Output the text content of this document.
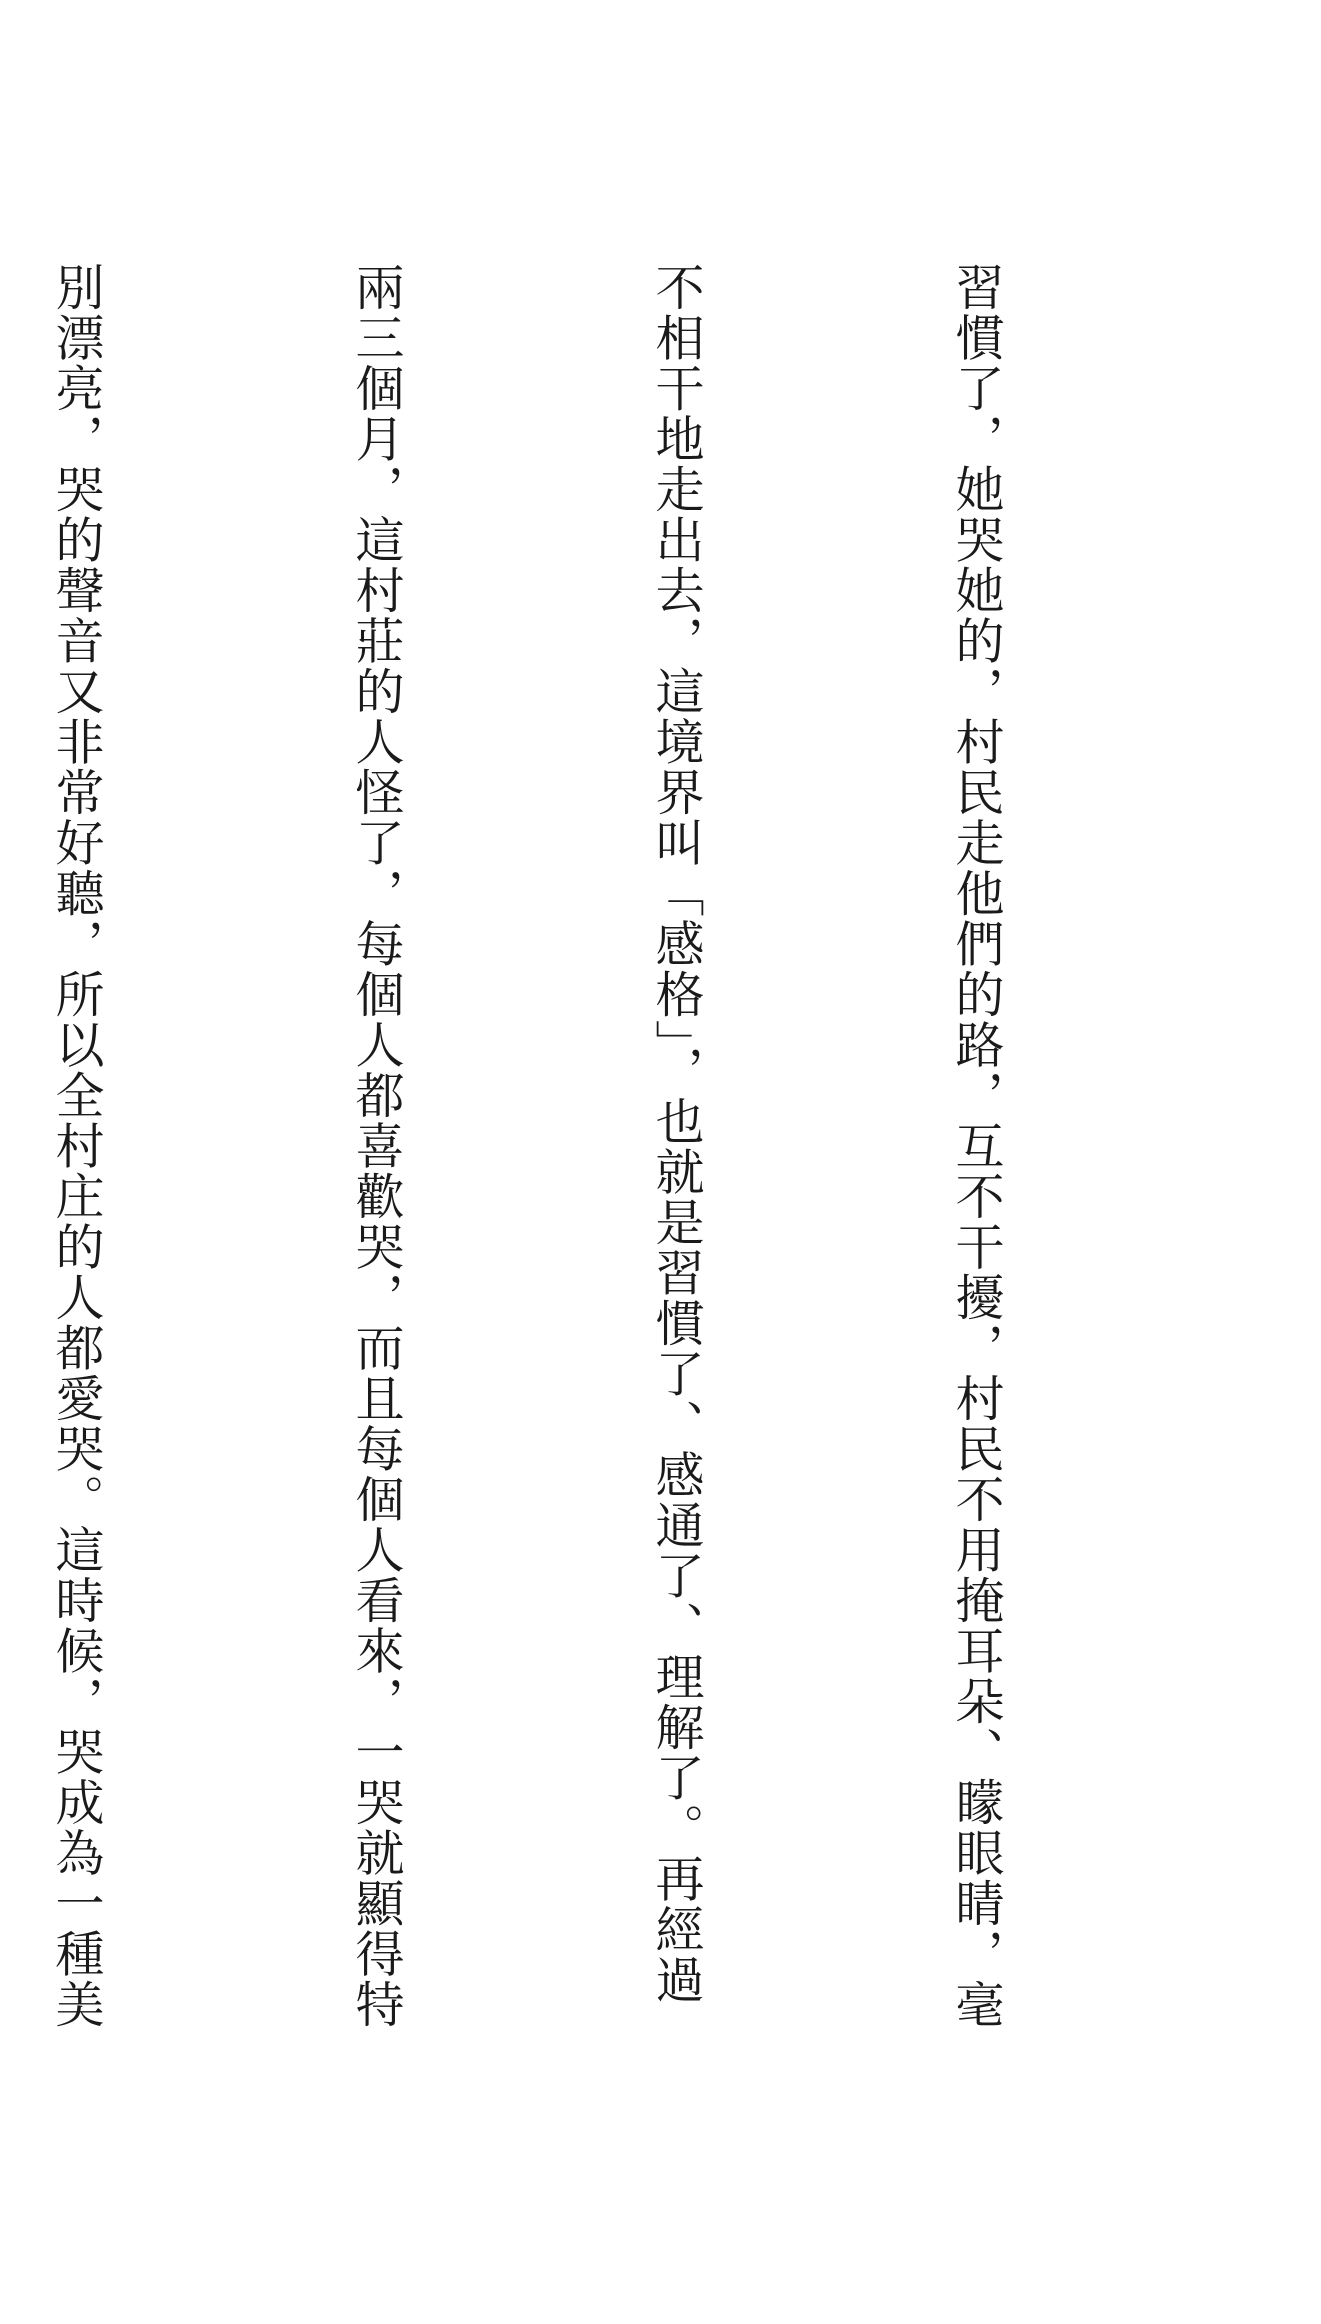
習慣了，她哭她的，村民走他們的路，互不干擾，村民不用掩耳朵、矇眼睛，毫

不相干地走出去，這境界叫「感格」，也就是習慣了、感通了、理解了。再經過

兩三個月，這村莊的人怪了，每個人都喜歡哭，而且每個人看來，一哭就顯得特

別漂亮，哭的聲音又非常好聽，所以全村庄的人都愛哭。這時候，哭成為一種美
